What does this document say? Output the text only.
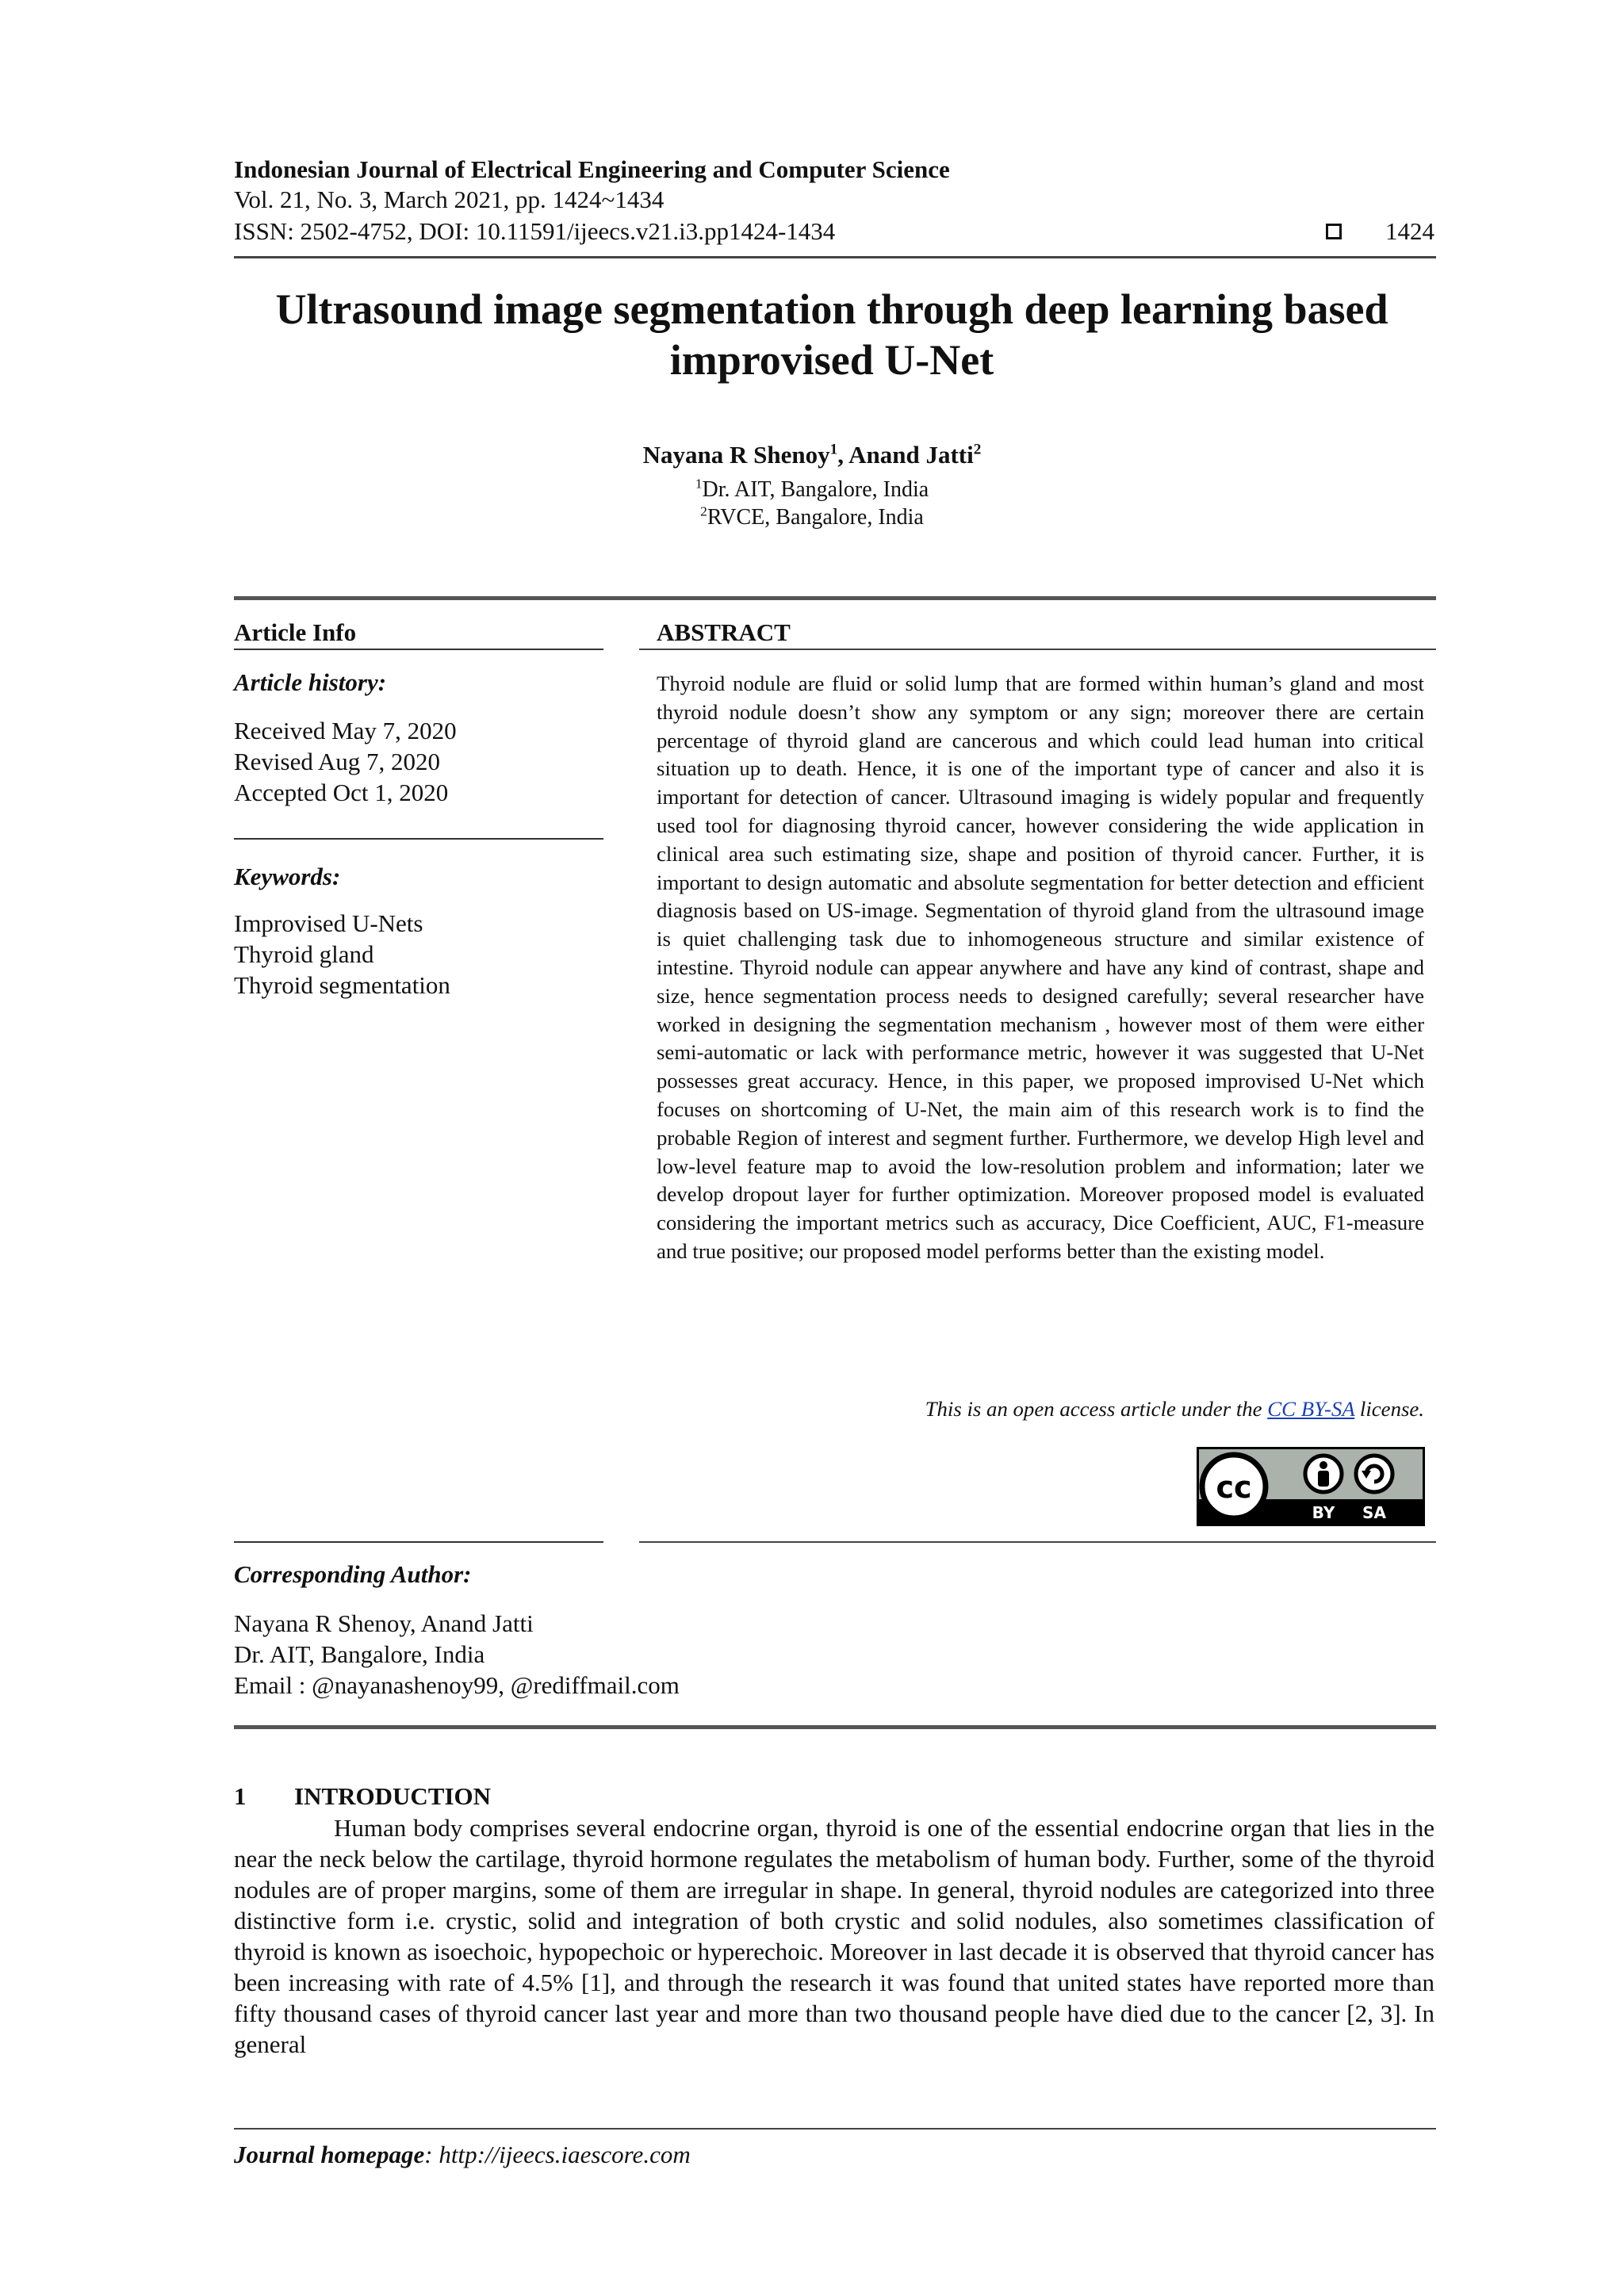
Indonesian Journal of Electrical Engineering and Computer Science
Vol. 21, No. 3, March 2021, pp. 1424~1434
ISSN: 2502-4752, DOI: 10.11591/ijeecs.v21.i3.pp1424-1434	1424
Ultrasound image segmentation through deep learning based
improvised U-Net
Nayana R Shenoy$^1$, Anand Jatti$^2$
$^1$Dr. AIT, Bangalore, India
$^2$RVCE, Bangalore, India
Article Info
Article history:
Received May 7, 2020
Revised Aug 7, 2020
Accepted Oct 1, 2020
Keywords:
Improvised U-Nets
Thyroid gland
Thyroid segmentation
ABSTRACT
Thyroid nodule are fluid or solid lump that are formed within human’s gland and most thyroid nodule doesn’t show any symptom or any sign; moreover there are certain percentage of thyroid gland are cancerous and which could lead human into critical situation up to death. Hence, it is one of the important type of cancer and also it is important for detection of cancer. Ultrasound imaging is widely popular and frequently used tool for diagnosing thyroid cancer, however considering the wide application in clinical area such estimating size, shape and position of thyroid cancer. Further, it is important to design automatic and absolute segmentation for better detection and efficient diagnosis based on US-image. Segmentation of thyroid gland from the ultrasound image is quiet challenging task due to inhomogeneous structure and similar existence of intestine. Thyroid nodule can appear anywhere and have any kind of contrast, shape and size, hence segmentation process needs to designed carefully; several researcher have worked in designing the segmentation mechanism , however most of them were either semi-automatic or lack with performance metric, however it was suggested that U-Net possesses great accuracy. Hence, in this paper, we proposed improvised U-Net which focuses on shortcoming of U-Net, the main aim of this research work is to find the probable Region of interest and segment further. Furthermore, we develop High level and low-level feature map to avoid the low-resolution problem and information; later we develop dropout layer for further optimization. Moreover proposed model is evaluated considering the important metrics such as accuracy, Dice Coefficient, AUC, F1-measure and true positive; our proposed model performs better than the existing model.
This is an open access article under the CC BY-SA license.
cc
BY SA
Corresponding Author:
Nayana R Shenoy, Anand Jatti
Dr. AIT, Bangalore, India
Email : @nayanashenoy99, @rediffmail.com
1 INTRODUCTION
Human body comprises several endocrine organ, thyroid is one of the essential endocrine organ that lies in the near the neck below the cartilage, thyroid hormone regulates the metabolism of human body. Further, some of the thyroid nodules are of proper margins, some of them are irregular in shape. In general, thyroid nodules are categorized into three distinctive form i.e. crystic, solid and integration of both crystic and solid nodules, also sometimes classification of thyroid is known as isoechoic, hypopechoic or hyperechoic. Moreover in last decade it is observed that thyroid cancer has been increasing with rate of 4.5% [1], and through the research it was found that united states have reported more than fifty thousand cases of thyroid cancer last year and more than two thousand people have died due to the cancer [2, 3]. In general
Journal homepage: http://ijeecs.iaescore.com
